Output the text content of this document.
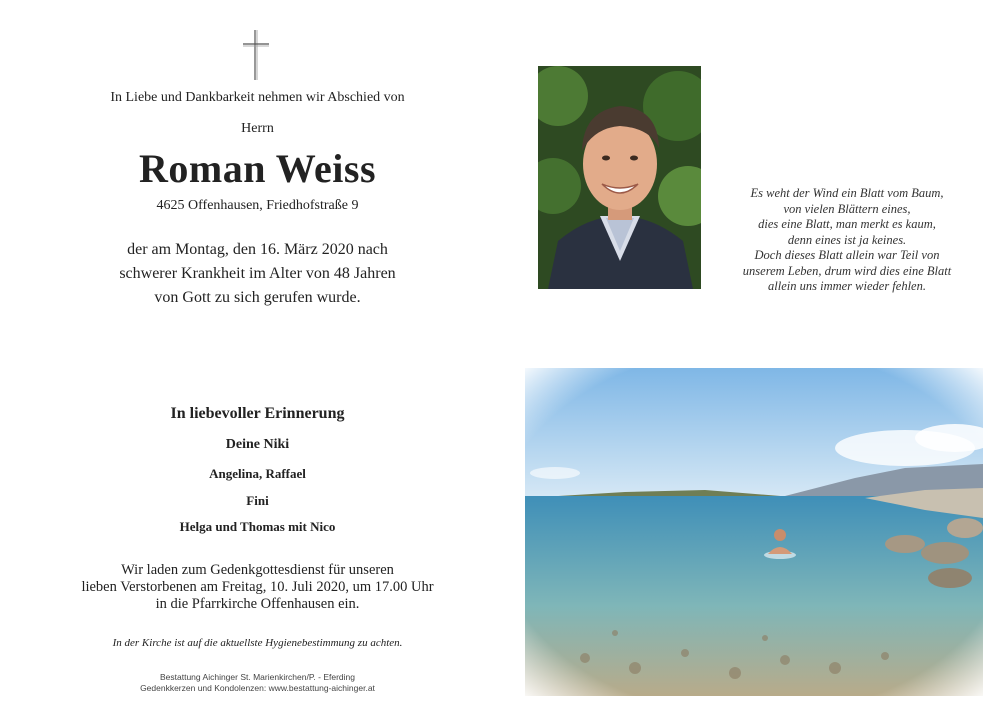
In Liebe und Dankbarkeit nehmen wir Abschied von
Herrn
Roman Weiss
4625 Offenhausen, Friedhofstraße 9
der am Montag, den 16. März 2020 nach
schwerer Krankheit im Alter von 48 Jahren
von Gott zu sich gerufen wurde.
In liebevoller Erinnerung
Deine Niki
Angelina, Raffael
Fini
Helga und Thomas mit Nico
Wir laden zum Gedenkgottesdienst für unseren
lieben Verstorbenen am Freitag, 10. Juli 2020, um 17.00 Uhr
in die Pfarrkirche Offenhausen ein.
In der Kirche ist auf die aktuellste Hygienebestimmung zu achten.
Bestattung Aichinger St. Marienkirchen/P. - Eferding
Gedenkkerzen und Kondolenzen: www.bestattung-aichinger.at
Es weht der Wind ein Blatt vom Baum,
von vielen Blättern eines,
dies eine Blatt, man merkt es kaum,
denn eines ist ja keines.
Doch dieses Blatt allein war Teil von
unserem Leben, drum wird dies eine Blatt
allein uns immer wieder fehlen.
